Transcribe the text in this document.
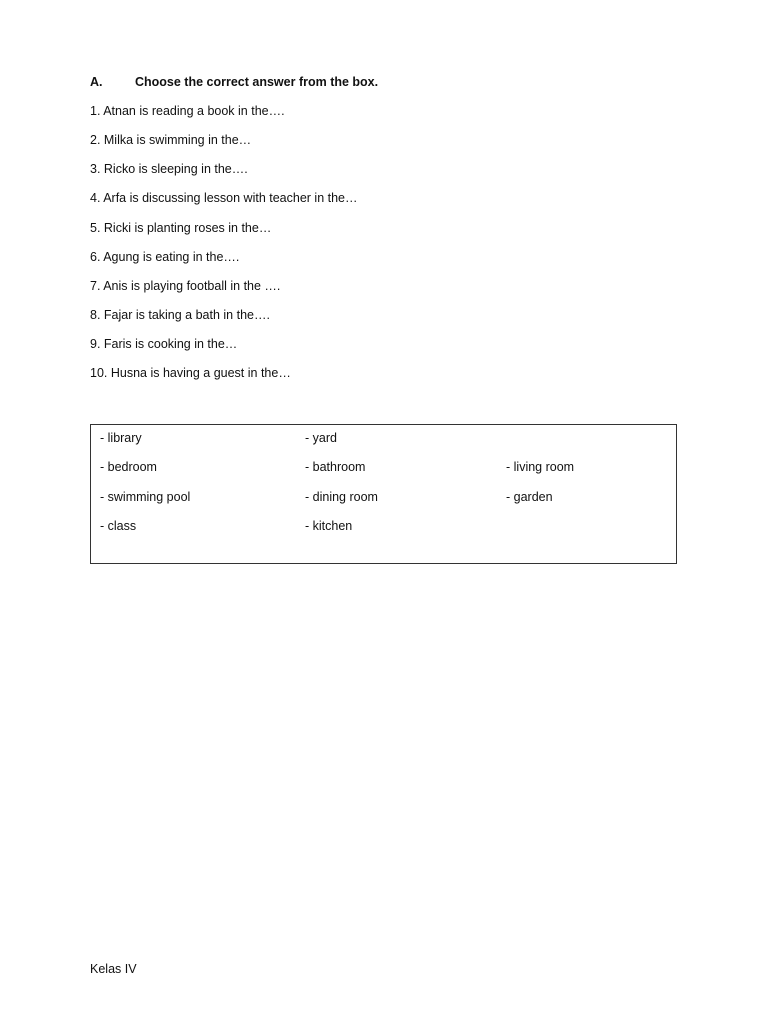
A.	Choose the correct answer from the box.
1. Atnan is reading a book in the….
2. Milka is swimming in the…
3. Ricko is sleeping in the….
4. Arfa is discussing lesson with teacher in the…
5. Ricki is planting roses in the…
6. Agung is eating in the….
7. Anis is playing football in the ….
8. Fajar is taking a bath in the….
9. Faris is cooking in the…
10. Husna is having a guest in the…
- library	- yard
- bedroom	- bathroom	- living room
- swimming pool	- dining room	- garden
- class	- kitchen
Kelas IV
